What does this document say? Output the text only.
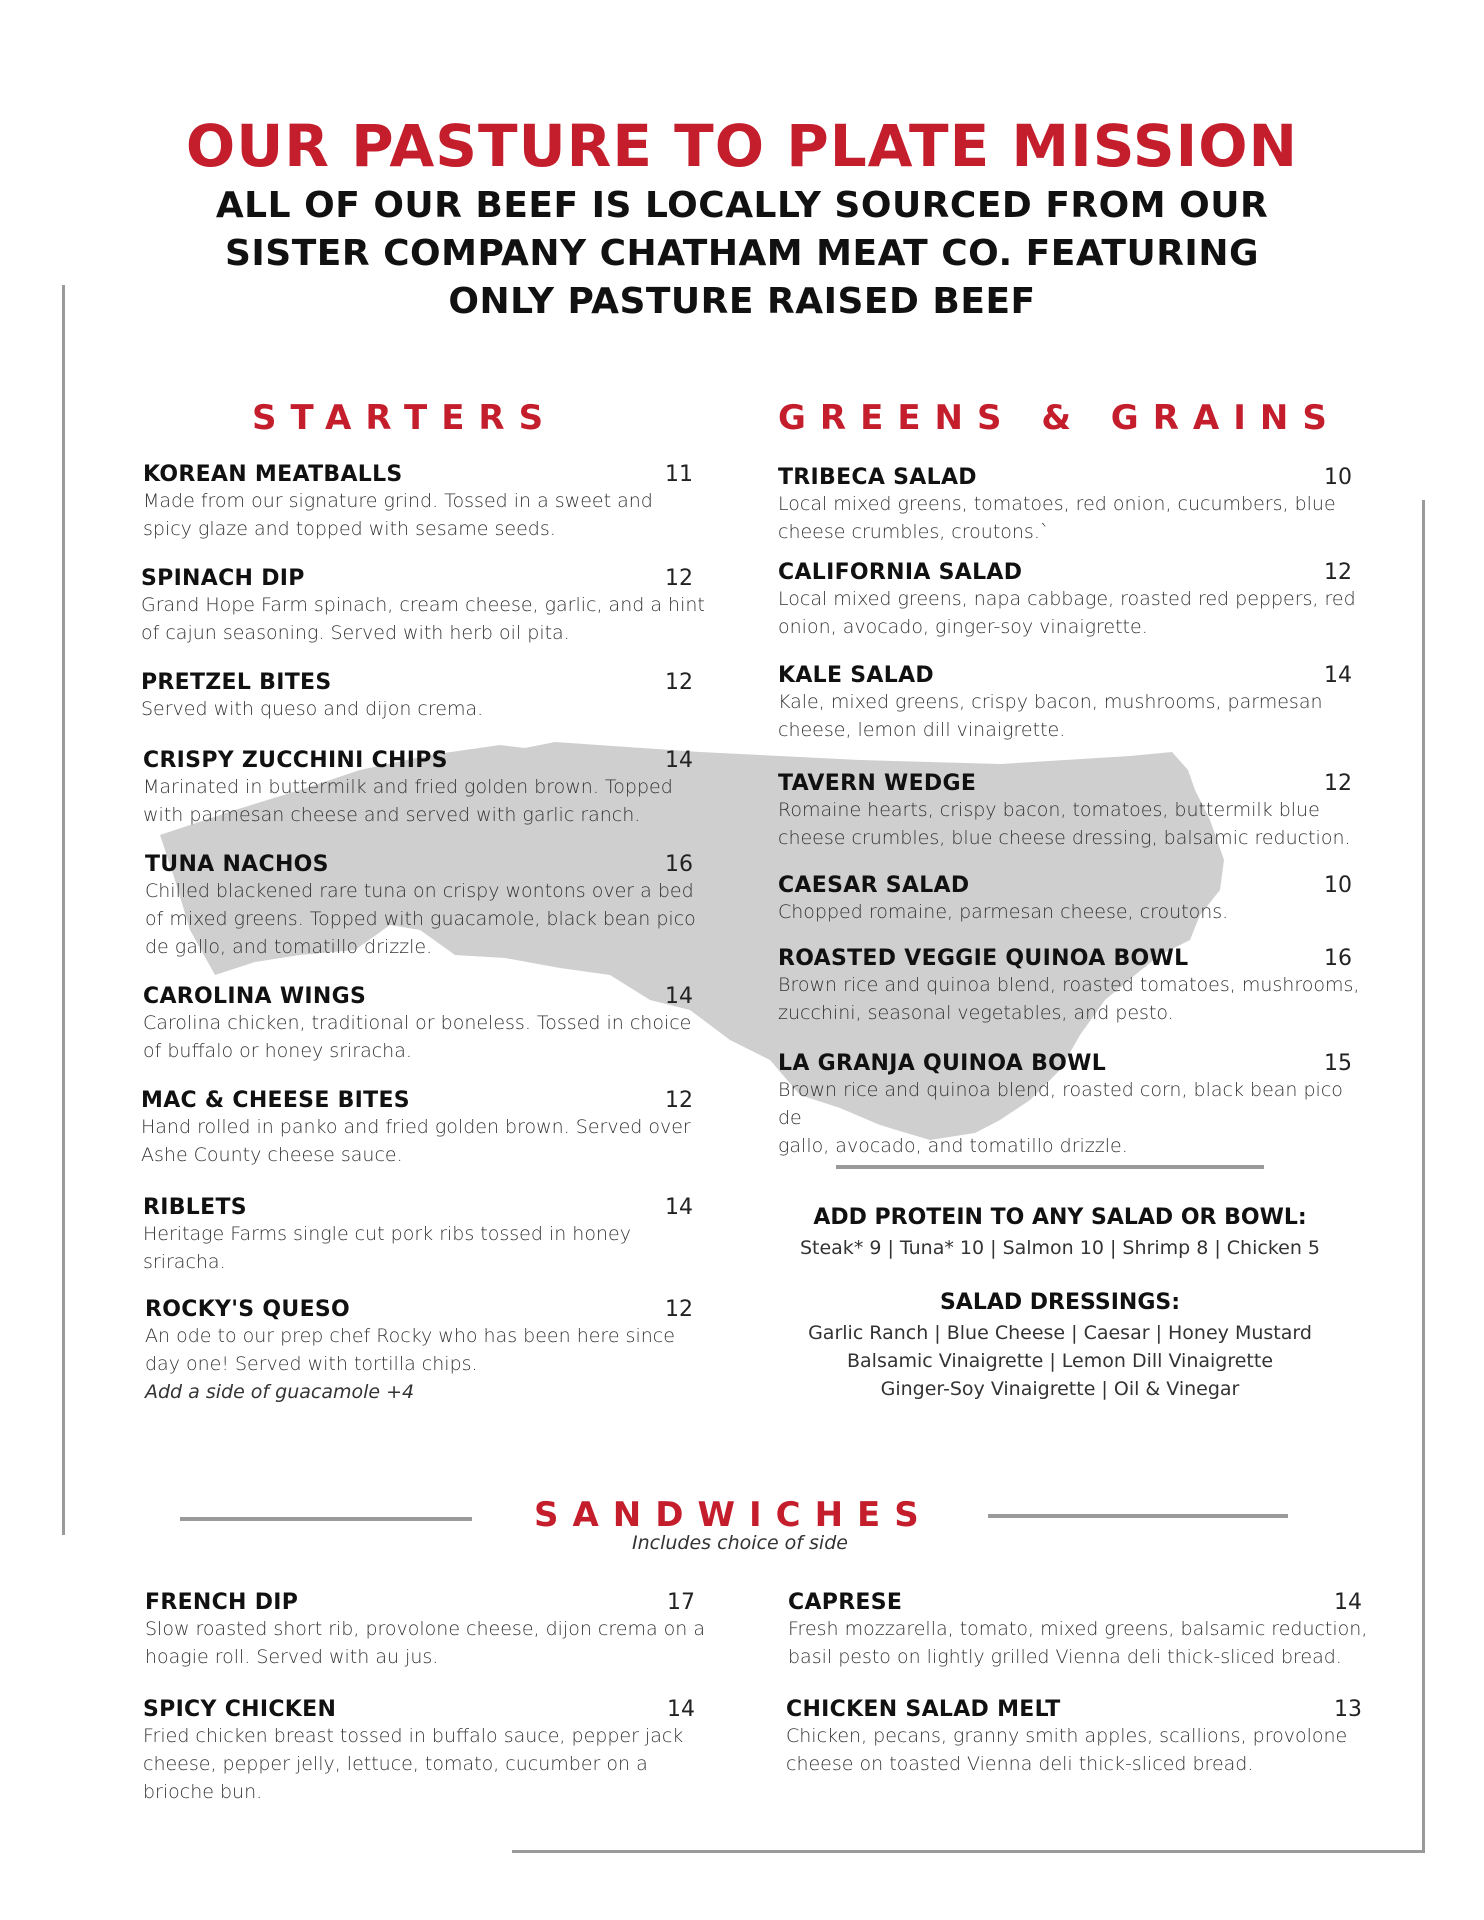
OUR PASTURE TO PLATE MISSION
ALL OF OUR BEEF IS LOCALLY SOURCED FROM OUR
SISTER COMPANY CHATHAM MEAT CO. FEATURING
ONLY PASTURE RAISED BEEF
STARTERS	GREENS & GRAINS
KOREAN MEATBALLS	11
Made from our signature grind. Tossed in a sweet and
spicy glaze and topped with sesame seeds.
SPINACH DIP	12
Grand Hope Farm spinach, cream cheese, garlic, and a hint
of cajun seasoning. Served with herb oil pita.
PRETZEL BITES	12
Served with queso and dijon crema.
CRISPY ZUCCHINI CHIPS	14
Marinated in buttermilk and fried golden brown. Topped
with parmesan cheese and served with garlic ranch.
TUNA NACHOS	16
Chilled blackened rare tuna on crispy wontons over a bed
of mixed greens. Topped with guacamole, black bean pico
de gallo, and tomatillo drizzle.
CAROLINA WINGS	14
Carolina chicken, traditional or boneless. Tossed in choice
of buffalo or honey sriracha.
MAC & CHEESE BITES	12
Hand rolled in panko and fried golden brown. Served over
Ashe County cheese sauce.
RIBLETS	14
Heritage Farms single cut pork ribs tossed in honey
sriracha.
ROCKY'S QUESO	12
An ode to our prep chef Rocky who has been here since
day one! Served with tortilla chips.
Add a side of guacamole +4
TRIBECA SALAD	10
Local mixed greens, tomatoes, red onion, cucumbers, blue
cheese crumbles, croutons.`
CALIFORNIA SALAD	12
Local mixed greens, napa cabbage, roasted red peppers, red
onion, avocado, ginger-soy vinaigrette.
KALE SALAD	14
Kale, mixed greens, crispy bacon, mushrooms, parmesan
cheese, lemon dill vinaigrette.
TAVERN WEDGE	12
Romaine hearts, crispy bacon, tomatoes, buttermilk blue
cheese crumbles, blue cheese dressing, balsamic reduction.
CAESAR SALAD	10
Chopped romaine, parmesan cheese, croutons.
ROASTED VEGGIE QUINOA BOWL	16
Brown rice and quinoa blend, roasted tomatoes, mushrooms,
zucchini, seasonal vegetables, and pesto.
LA GRANJA QUINOA BOWL	15
Brown rice and quinoa blend, roasted corn, black bean pico de
gallo, avocado, and tomatillo drizzle.
ADD PROTEIN TO ANY SALAD OR BOWL:
Steak* 9 | Tuna* 10 | Salmon 10 | Shrimp 8 | Chicken 5
SALAD DRESSINGS:
Garlic Ranch | Blue Cheese | Caesar | Honey Mustard
Balsamic Vinaigrette | Lemon Dill Vinaigrette
Ginger-Soy Vinaigrette | Oil & Vinegar
SANDWICHES
Includes choice of side
FRENCH DIP	17
Slow roasted short rib, provolone cheese, dijon crema on a
hoagie roll. Served with au jus.
CAPRESE	14
Fresh mozzarella, tomato, mixed greens, balsamic reduction,
basil pesto on lightly grilled Vienna deli thick-sliced bread.
SPICY CHICKEN	14
Fried chicken breast tossed in buffalo sauce, pepper jack
cheese, pepper jelly, lettuce, tomato, cucumber on a
brioche bun.
CHICKEN SALAD MELT	13
Chicken, pecans, granny smith apples, scallions, provolone
cheese on toasted Vienna deli thick-sliced bread.
